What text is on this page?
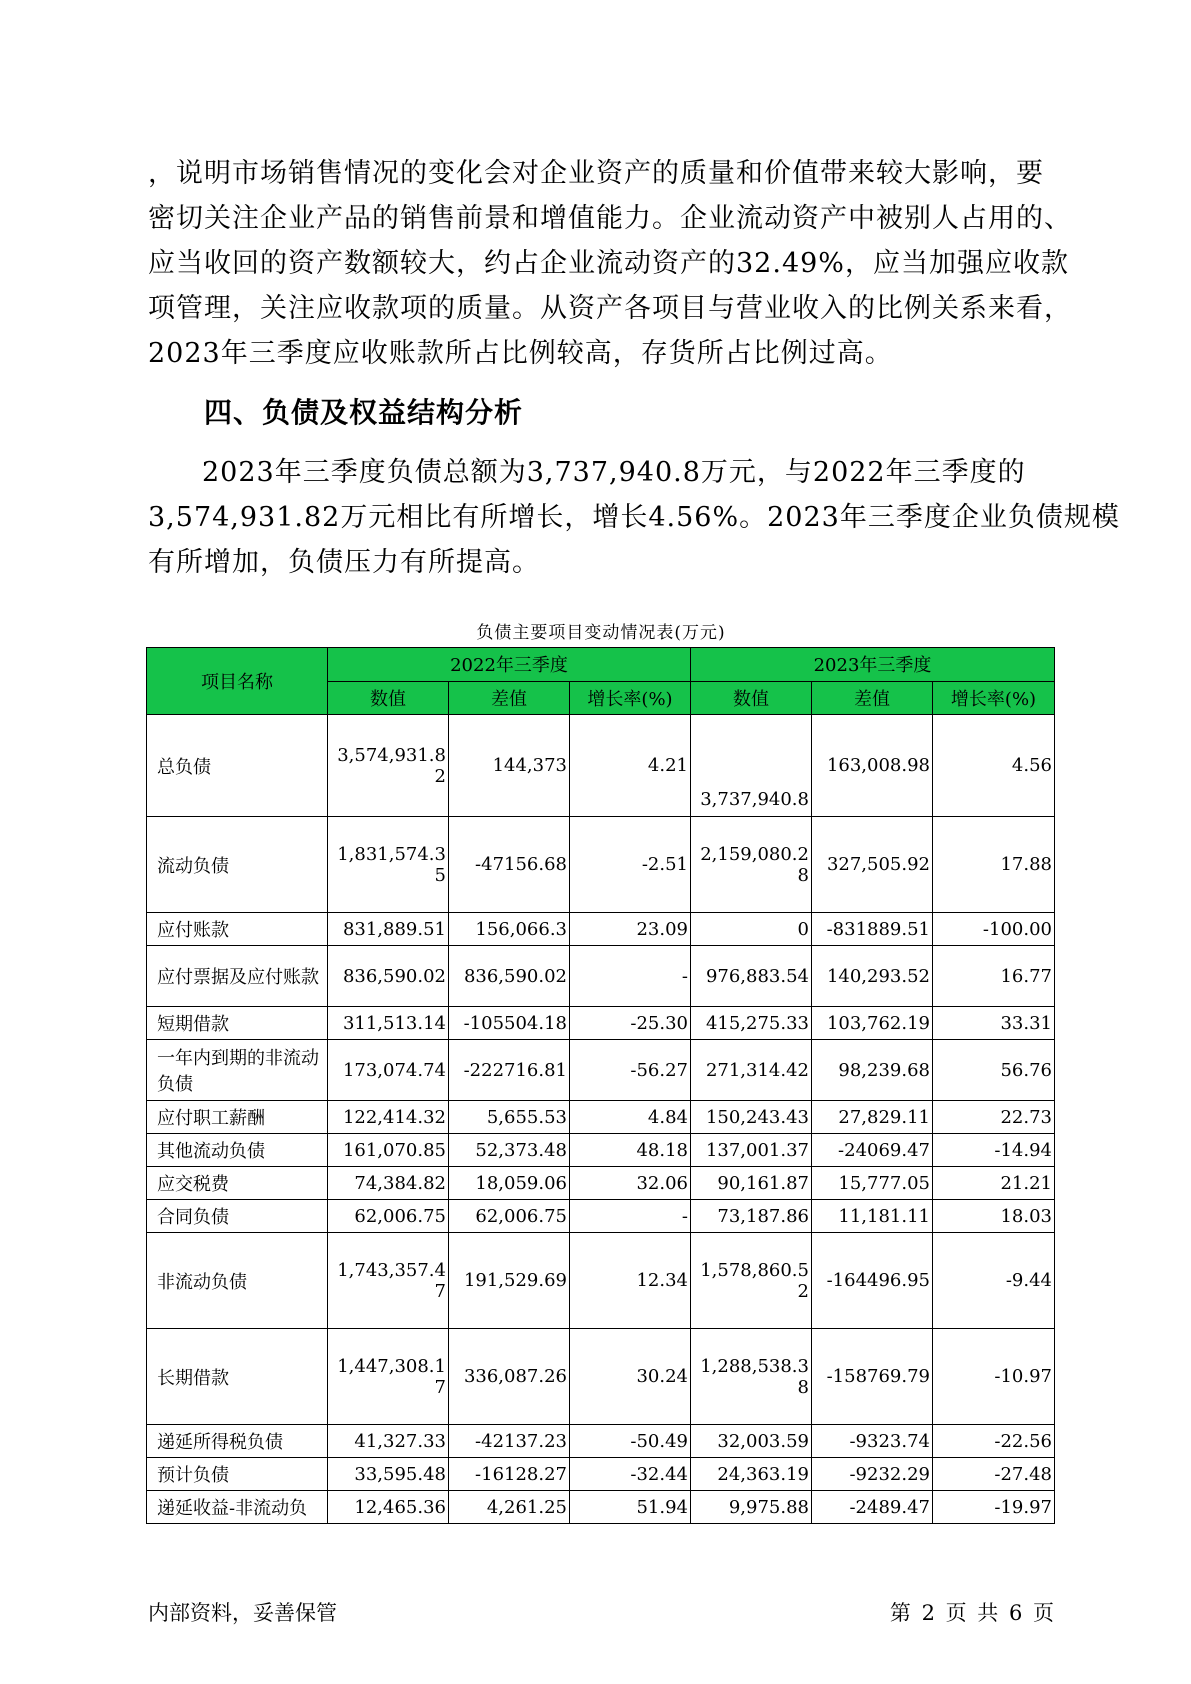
，说明市场销售情况的变化会对企业资产的质量和价值带来较大影响，要
密切关注企业产品的销售前景和增值能力。企业流动资产中被别人占用的、
应当收回的资产数额较大，约占企业流动资产的32.49%，应当加强应收款
项管理，关注应收款项的质量。从资产各项目与营业收入的比例关系来看，
2023年三季度应收账款所占比例较高，存货所占比例过高。

四、负债及权益结构分析

2023年三季度负债总额为3,737,940.8万元，与2022年三季度的
3,574,931.82万元相比有所增长，增长4.56%。2023年三季度企业负债规模
有所增加，负债压力有所提高。

负债主要项目变动情况表(万元)
项目名称	2022年三季度			2023年三季度		
	数值	差值	增长率(%)	数值	差值	增长率(%)
总负债	3,574,931.82	144,373	4.21	3,737,940.8	163,008.98	4.56
流动负债	1,831,574.35	-47156.68	-2.51	2,159,080.28	327,505.92	17.88
应付账款	831,889.51	156,066.3	23.09	0	-831889.51	-100.00
应付票据及应付账款	836,590.02	836,590.02	-	976,883.54	140,293.52	16.77
短期借款	311,513.14	-105504.18	-25.30	415,275.33	103,762.19	33.31
一年内到期的非流动负债	173,074.74	-222716.81	-56.27	271,314.42	98,239.68	56.76
应付职工薪酬	122,414.32	5,655.53	4.84	150,243.43	27,829.11	22.73
其他流动负债	161,070.85	52,373.48	48.18	137,001.37	-24069.47	-14.94
应交税费	74,384.82	18,059.06	32.06	90,161.87	15,777.05	21.21
合同负债	62,006.75	62,006.75	-	73,187.86	11,181.11	18.03
非流动负债	1,743,357.47	191,529.69	12.34	1,578,860.52	-164496.95	-9.44
长期借款	1,447,308.17	336,087.26	30.24	1,288,538.38	-158769.79	-10.97
递延所得税负债	41,327.33	-42137.23	-50.49	32,003.59	-9323.74	-22.56
预计负债	33,595.48	-16128.27	-32.44	24,363.19	-9232.29	-27.48
递延收益-非流动负	12,465.36	4,261.25	51.94	9,975.88	-2489.47	-19.97
内部资料，妥善保管	第 2 页 共 6 页
